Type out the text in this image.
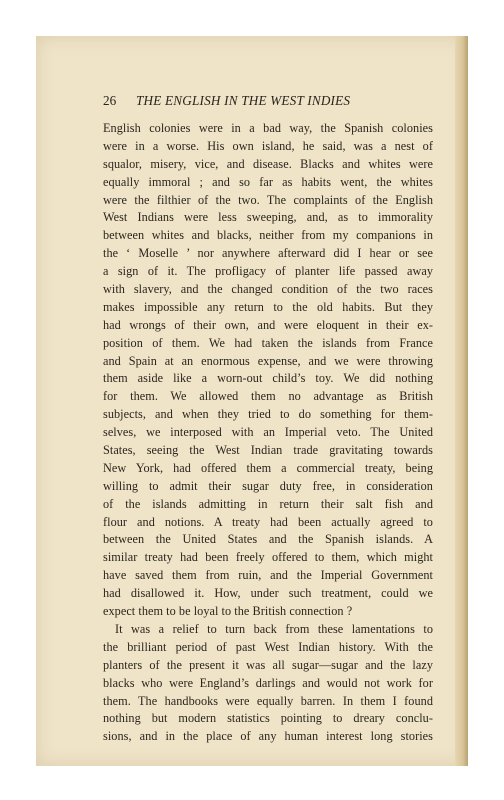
26 THE ENGLISH IN THE WEST INDIES
English colonies were in a bad way, the Spanish colonies
were in a worse. His own island, he said, was a nest of
squalor, misery, vice, and disease. Blacks and whites were
equally immoral ; and so far as habits went, the whites
were the filthier of the two. The complaints of the English
West Indians were less sweeping, and, as to immorality
between whites and blacks, neither from my companions in
the ‘ Moselle ’ nor anywhere afterward did I hear or see
a sign of it. The profligacy of planter life passed away
with slavery, and the changed condition of the two races
makes impossible any return to the old habits. But they
had wrongs of their own, and were eloquent in their ex-
position of them. We had taken the islands from France
and Spain at an enormous expense, and we were throwing
them aside like a worn-out child’s toy. We did nothing
for them. We allowed them no advantage as British
subjects, and when they tried to do something for them-
selves, we interposed with an Imperial veto. The United
States, seeing the West Indian trade gravitating towards
New York, had offered them a commercial treaty, being
willing to admit their sugar duty free, in consideration
of the islands admitting in return their salt fish and
flour and notions. A treaty had been actually agreed to
between the United States and the Spanish islands. A
similar treaty had been freely offered to them, which might
have saved them from ruin, and the Imperial Government
had disallowed it. How, under such treatment, could we
expect them to be loyal to the British connection ?
It was a relief to turn back from these lamentations to
the brilliant period of past West Indian history. With the
planters of the present it was all sugar—sugar and the lazy
blacks who were England’s darlings and would not work for
them. The handbooks were equally barren. In them I found
nothing but modern statistics pointing to dreary conclu-
sions, and in the place of any human interest long stories
